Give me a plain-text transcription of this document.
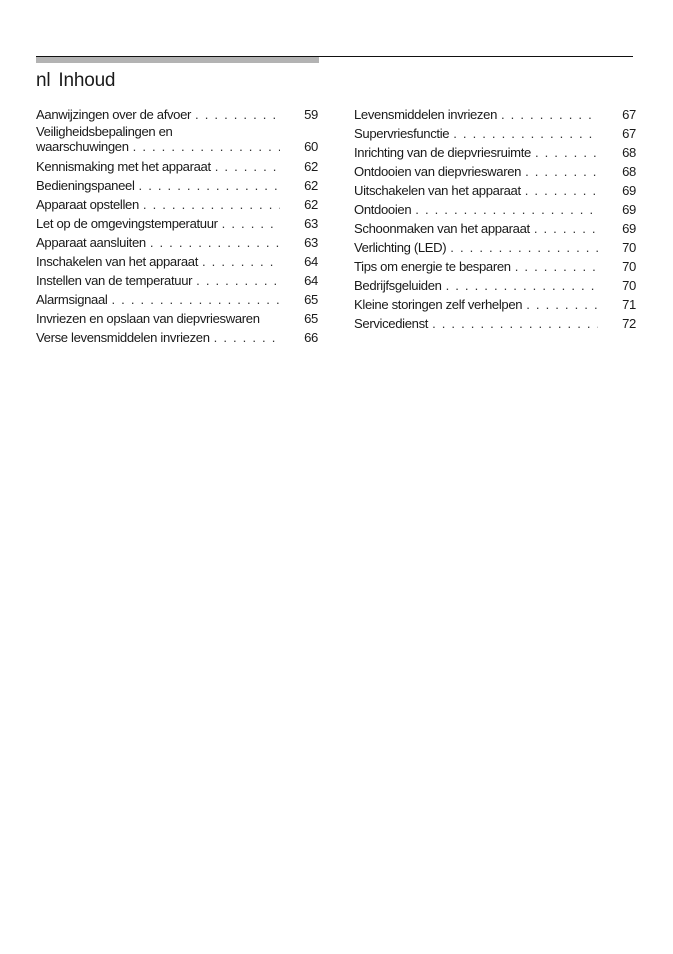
nl Inhoud
Aanwijzingen over de afvoer . . .	59
Veiligheidsbepalingen en
waarschuwingen . . .	60
Kennismaking met het apparaat . . .	62
Bedieningspaneel . . .	62
Apparaat opstellen . . .	62
Let op de omgevingstemperatuur . . .	63
Apparaat aansluiten . . .	63
Inschakelen van het apparaat . . .	64
Instellen van de temperatuur . . .	64
Alarmsignaal . . .	65
Invriezen en opslaan van diepvrieswaren	65
Verse levensmiddelen invriezen . . .	66
Levensmiddelen invriezen . . .	67
Supervriesfunctie . . .	67
Inrichting van de diepvriesruimte . . .	68
Ontdooien van diepvrieswaren . . .	68
Uitschakelen van het apparaat . . .	69
Ontdooien . . .	69
Schoonmaken van het apparaat . . .	69
Verlichting (LED) . . .	70
Tips om energie te besparen . . .	70
Bedrijfsgeluiden . . .	70
Kleine storingen zelf verhelpen . . .	71
Servicedienst . . .	72
